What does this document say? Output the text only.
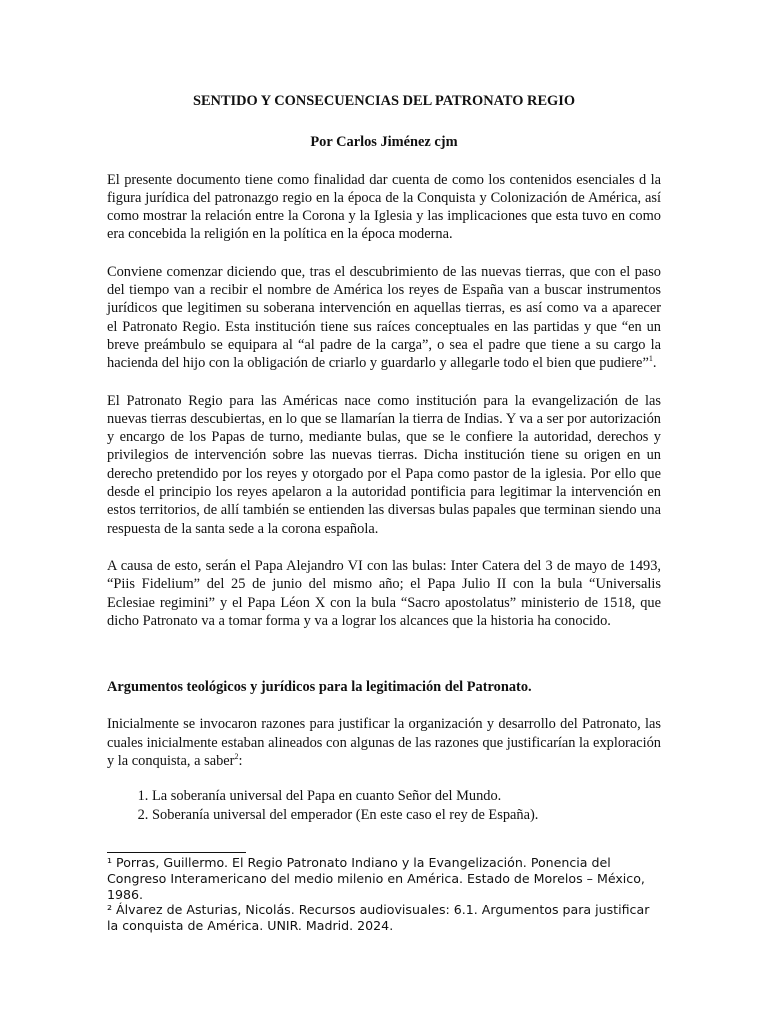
SENTIDO Y CONSECUENCIAS DEL PATRONATO REGIO

Por Carlos Jiménez cjm

El presente documento tiene como finalidad dar cuenta de como los contenidos esenciales d la figura jurídica del patronazgo regio en la época de la Conquista y Colonización de América, así como mostrar la relación entre la Corona y la Iglesia y las implicaciones que esta tuvo en como era concebida la religión en la política en la época moderna.

Conviene comenzar diciendo que, tras el descubrimiento de las nuevas tierras, que con el paso del tiempo van a recibir el nombre de América los reyes de España van a buscar instrumentos jurídicos que legitimen su soberana intervención en aquellas tierras, es así como va a aparecer el Patronato Regio. Esta institución tiene sus raíces conceptuales en las partidas y que “en un breve preámbulo se equipara al “al padre de la carga”, o sea el padre que tiene a su cargo la hacienda del hijo con la obligación de criarlo y guardarlo y allegarle todo el bien que pudiere”$^1$.

El Patronato Regio para las Américas nace como institución para la evangelización de las nuevas tierras descubiertas, en lo que se llamarían la tierra de Indias. Y va a ser por autorización y encargo de los Papas de turno, mediante bulas, que se le confiere la autoridad, derechos y privilegios de intervención sobre las nuevas tierras. Dicha institución tiene su origen en un derecho pretendido por los reyes y otorgado por el Papa como pastor de la iglesia. Por ello que desde el principio los reyes apelaron a la autoridad pontificia para legitimar la intervención en estos territorios, de allí también se entienden las diversas bulas papales que terminan siendo una respuesta de la santa sede a la corona española.

A causa de esto, serán el Papa Alejandro VI con las bulas: Inter Catera del 3 de mayo de 1493, “Piis Fidelium” del 25 de junio del mismo año; el Papa Julio II con la bula “Universalis Eclesiae regimini” y el Papa Léon X con la bula “Sacro apostolatus” ministerio de 1518, que dicho Patronato va a tomar forma y va a lograr los alcances que la historia ha conocido.

Argumentos teológicos y jurídicos para la legitimación del Patronato.

Inicialmente se invocaron razones para justificar la organización y desarrollo del Patronato, las cuales inicialmente estaban alineados con algunas de las razones que justificarían la exploración y la conquista, a saber$^2$:

1. La soberanía universal del Papa en cuanto Señor del Mundo.
2. Soberanía universal del emperador (En este caso el rey de España).

¹ Porras, Guillermo. El Regio Patronato Indiano y la Evangelización. Ponencia del Congreso Interamericano del medio milenio en América. Estado de Morelos – México, 1986.

² Álvarez de Asturias, Nicolás. Recursos audiovisuales: 6.1. Argumentos para justificar la conquista de América. UNIR. Madrid. 2024.
